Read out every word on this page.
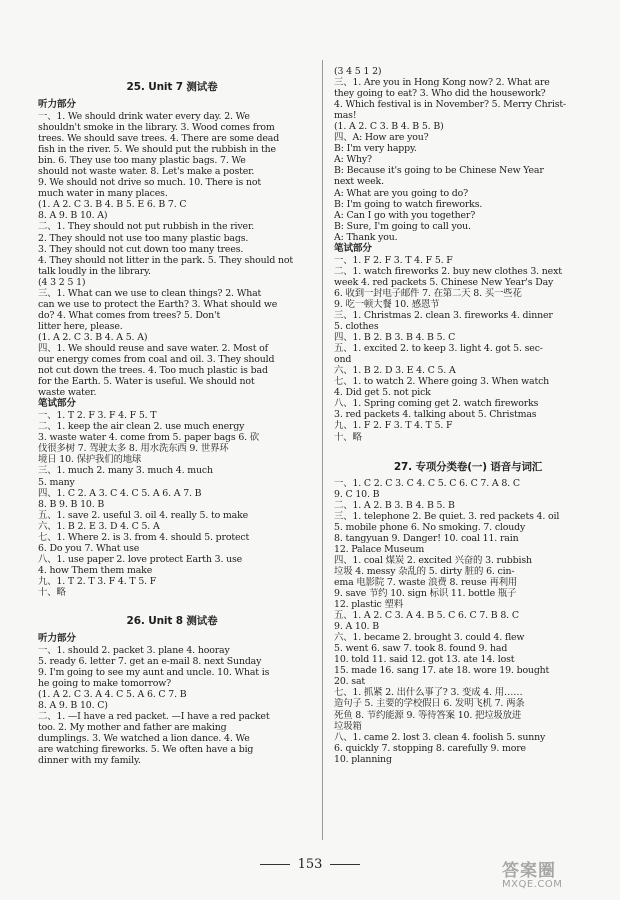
25. Unit 7 测试卷
听力部分
一、1. We should drink water every day. 2. We
shouldn't smoke in the library. 3. Wood comes from
trees. We should save trees. 4. There are some dead
fish in the river. 5. We should put the rubbish in the
bin. 6. They use too many plastic bags. 7. We
should not waste water. 8. Let's make a poster.
9. We should not drive so much. 10. There is not
much water in many places.
(1. A 2. C 3. B 4. B 5. E 6. B 7. C
8. A 9. B 10. A)
二、1. They should not put rubbish in the river.
2. They should not use too many plastic bags.
3. They should not cut down too many trees.
4. They should not litter in the park. 5. They should not
talk loudly in the library.
(4 3 2 5 1)
三、1. What can we use to clean things? 2. What
can we use to protect the Earth? 3. What should we
do? 4. What comes from trees? 5. Don't
litter here, please.
(1. A 2. C 3. B 4. A 5. A)
四、1. We should reuse and save water. 2. Most of
our energy comes from coal and oil. 3. They should
not cut down the trees. 4. Too much plastic is bad
for the Earth. 5. Water is useful. We should not
waste water.
笔试部分
一、1. T 2. F 3. F 4. F 5. T
二、1. keep the air clean 2. use much energy
3. waste water 4. come from 5. paper bags 6. 砍
伐很多树 7. 驾驶太多 8. 用水洗东西 9. 世界环
境日 10. 保护我们的地球
三、1. much 2. many 3. much 4. much
5. many
四、1. C 2. A 3. C 4. C 5. A 6. A 7. B
8. B 9. B 10. B
五、1. save 2. useful 3. oil 4. really 5. to make
六、1. B 2. E 3. D 4. C 5. A
七、1. Where 2. is 3. from 4. should 5. protect
6. Do you 7. What use
八、1. use paper 2. love protect Earth 3. use
4. how Them them make
九、1. T 2. T 3. F 4. T 5. F
十、略
26. Unit 8 测试卷
听力部分
一、1. should 2. packet 3. plane 4. hooray
5. ready 6. letter 7. get an e-mail 8. next Sunday
9. I'm going to see my aunt and uncle. 10. What is
he going to make tomorrow?
(1. A 2. C 3. A 4. C 5. A 6. C 7. B
8. A 9. B 10. C)
二、1. —I have a red packet. —I have a red packet
too. 2. My mother and father are making
dumplings. 3. We watched a lion dance. 4. We
are watching fireworks. 5. We often have a big
dinner with my family.
(3 4 5 1 2)
三、1. Are you in Hong Kong now? 2. What are
they going to eat? 3. Who did the housework?
4. Which festival is in November? 5. Merry Christ-
mas!
(1. A 2. C 3. B 4. B 5. B)
四、A: How are you?
B: I'm very happy.
A: Why?
B: Because it's going to be Chinese New Year
next week.
A: What are you going to do?
B: I'm going to watch fireworks.
A: Can I go with you together?
B: Sure, I'm going to call you.
A: Thank you.
笔试部分
一、1. F 2. F 3. T 4. F 5. F
二、1. watch fireworks 2. buy new clothes 3. next
week 4. red packets 5. Chinese New Year's Day
6. 收到一封电子邮件 7. 在第二天 8. 买一些花
9. 吃一顿大餐 10. 感恩节
三、1. Christmas 2. clean 3. fireworks 4. dinner
5. clothes
四、1. B 2. B 3. B 4. B 5. C
五、1. excited 2. to keep 3. light 4. got 5. sec-
ond
六、1. B 2. D 3. E 4. C 5. A
七、1. to watch 2. Where going 3. When watch
4. Did get 5. not pick
八、1. Spring coming get 2. watch fireworks
3. red packets 4. talking about 5. Christmas
九、1. F 2. F 3. T 4. T 5. F
十、略
27. 专项分类卷(一) 语音与词汇
一、1. C 2. C 3. C 4. C 5. C 6. C 7. A 8. C
9. C 10. B
二、1. A 2. B 3. B 4. B 5. B
三、1. telephone 2. Be quiet. 3. red packets 4. oil
5. mobile phone 6. No smoking. 7. cloudy
8. tangyuan 9. Danger! 10. coal 11. rain
12. Palace Museum
四、1. coal 煤炭 2. excited 兴奋的 3. rubbish
垃圾 4. messy 杂乱的 5. dirty 脏的 6. cin-
ema 电影院 7. waste 浪费 8. reuse 再利用
9. save 节约 10. sign 标识 11. bottle 瓶子
12. plastic 塑料
五、1. A 2. C 3. A 4. B 5. C 6. C 7. B 8. C
9. A 10. B
六、1. became 2. brought 3. could 4. flew
5. went 6. saw 7. took 8. found 9. had
10. told 11. said 12. got 13. ate 14. lost
15. made 16. sang 17. ate 18. wore 19. bought
20. sat
七、1. 抓紧 2. 出什么事了? 3. 变成 4. 用……
造句子 5. 主要的学校假日 6. 发明飞机 7. 两条
死鱼 8. 节约能源 9. 等待答案 10. 把垃圾放进
垃圾箱
八、1. came 2. lost 3. clean 4. foolish 5. sunny
6. quickly 7. stopping 8. carefully 9. more
10. planning
153	答案圈
MXQE.COM
